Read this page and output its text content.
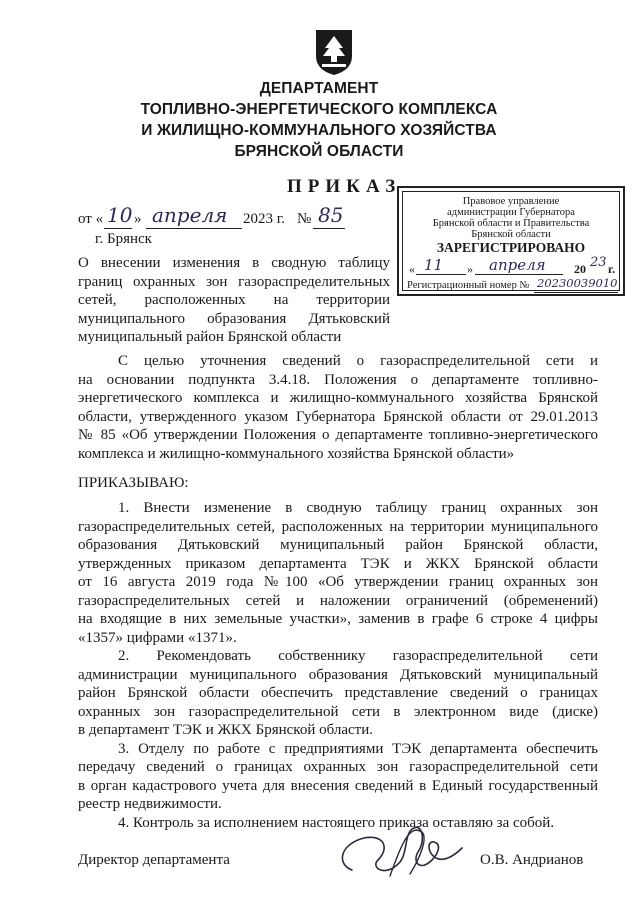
ДЕПАРТАМЕНТ
ТОПЛИВНО-ЭНЕРГЕТИЧЕСКОГО КОМПЛЕКСА
И ЖИЛИЩНО-КОММУНАЛЬНОГО ХОЗЯЙСТВА
БРЯНСКОЙ ОБЛАСТИ
ПРИКАЗ
от « 10 » апреля 2023 г. № 85
г. Брянск
Правовое управление
администрации Губернатора
Брянской области и Правительства
Брянской области
ЗАРЕГИСТРИРОВАНО
« 11 » апреля 20 23 г.
Регистрационный номер № 20230039010
О внесении изменения в сводную таблицу
границ охранных зон газораспределительных
сетей, расположенных на территории
муниципального образования Дятьковский
муниципальный район Брянской области
С целью уточнения сведений о газораспределительной сети и
на основании подпункта 3.4.18. Положения о департаменте топливно-
энергетического комплекса и жилищно-коммунального хозяйства Брянской
области, утвержденного указом Губернатора Брянской области от 29.01.2013
№ 85 «Об утверждении Положения о департаменте топливно-энергетического
комплекса и жилищно-коммунального хозяйства Брянской области»
ПРИКАЗЫВАЮ:
1. Внести изменение в сводную таблицу границ охранных зон
газораспределительных сетей, расположенных на территории муниципального
образования Дятьковский муниципальный район Брянской области,
утвержденных приказом департамента ТЭК и ЖКХ Брянской области
от 16 августа 2019 года №100 «Об утверждении границ охранных зон
газораспределительных сетей и наложении ограничений (обременений)
на входящие в них земельные участки», заменив в графе 6 строке 4 цифры
«1357» цифрами «1371».
2. Рекомендовать собственнику газораспределительной сети
администрации муниципального образования Дятьковский муниципальный
район Брянской области обеспечить представление сведений о границах
охранных зон газораспределительной сети в электронном виде (диске)
в департамент ТЭК и ЖКХ Брянской области.
3. Отделу по работе с предприятиями ТЭК департамента обеспечить
передачу сведений о границах охранных зон газораспределительной сети
в орган кадастрового учета для внесения сведений в Единый государственный
реестр недвижимости.
4. Контроль за исполнением настоящего приказа оставляю за собой.
Директор департамента	О.В. Андрианов
